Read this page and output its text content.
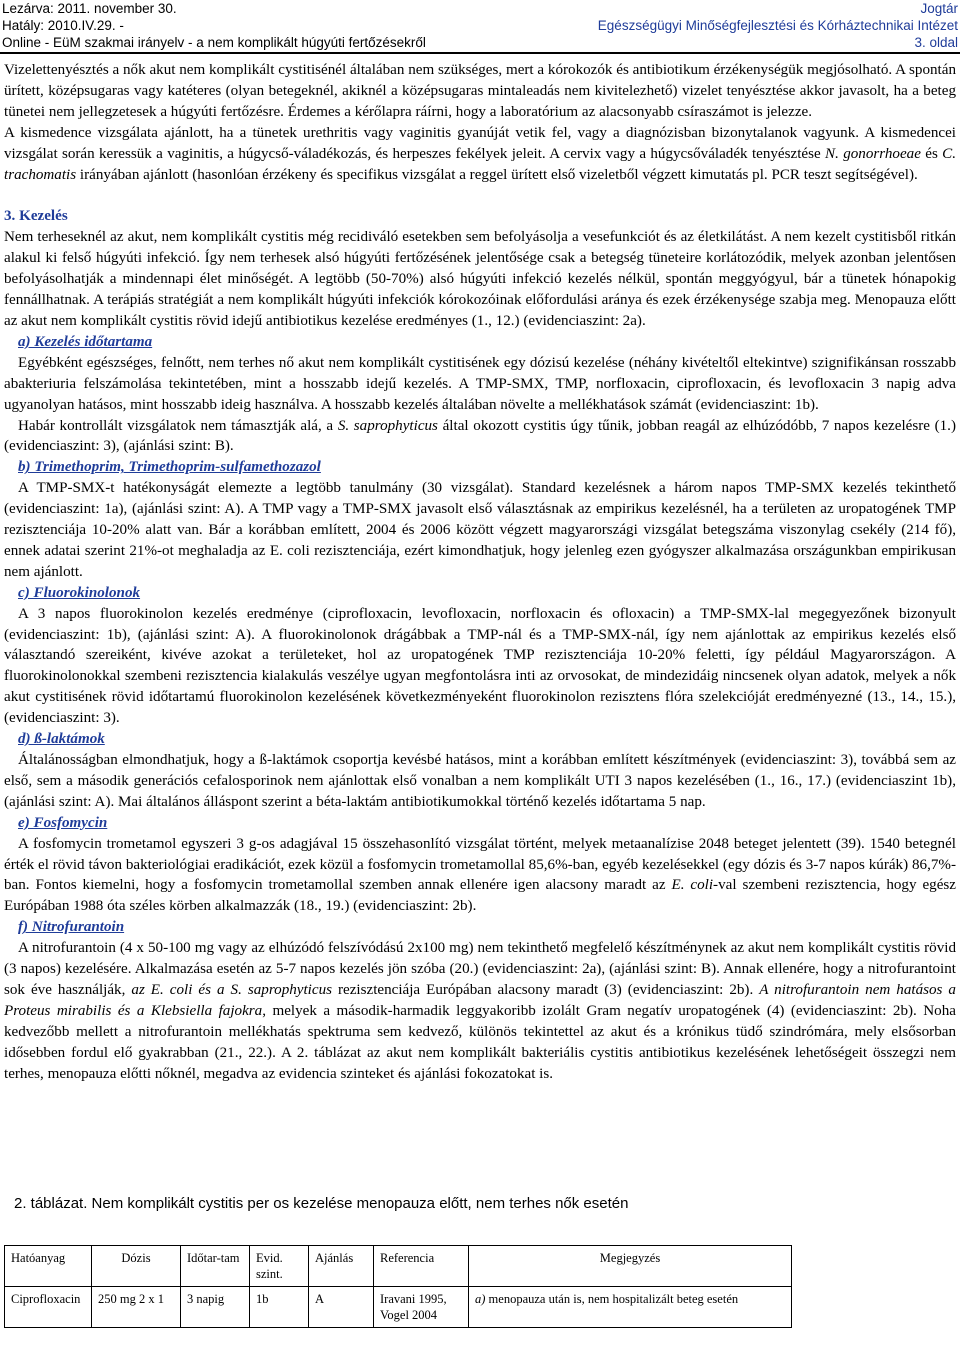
Lezárva: 2011. november 30.
Hatály: 2010.IV.29. -
Online - EüM szakmai irányelv - a nem komplikált húgyúti fertőzésekről
Jogtár
Egészségügyi Minőségfejlesztési és Kórháztechnikai Intézet
3. oldal

Vizelettenyésztés a nők akut nem komplikált cystitisénél általában nem szükséges, mert a kórokozók és antibiotikum érzékenységük megjósolható. A spontán ürített, középsugaras vagy katéteres (olyan betegeknél, akiknél a középsugaras mintaleadás nem kivitelezhető) vizelet tenyésztése akkor javasolt, ha a beteg tünetei nem jellegzetesek a húgyúti fertőzésre. Érdemes a kérőlapra ráírni, hogy a laboratórium az alacsonyabb csíraszámot is jelezze.

A kismedence vizsgálata ajánlott, ha a tünetek urethritis vagy vaginitis gyanúját vetik fel, vagy a diagnózisban bizonytalanok vagyunk. A kismedencei vizsgálat során keressük a vaginitis, a húgycső-váladékozás, és herpeszes fekélyek jeleit. A cervix vagy a húgycsőváladék tenyésztése N. gonorrhoeae és C. trachomatis irányában ajánlott (hasonlóan érzékeny és specifikus vizsgálat a reggel ürített első vizeletből végzett kimutatás pl. PCR teszt segítségével).

3. Kezelés

Nem terheseknél az akut, nem komplikált cystitis még recidiváló esetekben sem befolyásolja a vesefunkciót és az életkilátást. A nem kezelt cystitisből ritkán alakul ki felső húgyúti infekció. Így nem terhesek alsó húgyúti fertőzésének jelentősége csak a betegség tüneteire korlátozódik, melyek azonban jelentősen befolyásolhatják a mindennapi élet minőségét. A legtöbb (50-70%) alsó húgyúti infekció kezelés nélkül, spontán meggyógyul, bár a tünetek hónapokig fennállhatnak. A terápiás stratégiát a nem komplikált húgyúti infekciók kórokozóinak előfordulási aránya és ezek érzékenysége szabja meg. Menopauza előtt az akut nem komplikált cystitis rövid idejű antibiotikus kezelése eredményes (1., 12.) (evidenciaszint: 2a).

a) Kezelés időtartama

Egyébként egészséges, felnőtt, nem terhes nő akut nem komplikált cystitisének egy dózisú kezelése (néhány kivételtől eltekintve) szignifikánsan rosszabb abakteriuria felszámolása tekintetében, mint a hosszabb idejű kezelés. A TMP-SMX, TMP, norfloxacin, ciprofloxacin, és levofloxacin 3 napig adva ugyanolyan hatásos, mint hosszabb ideig használva. A hosszabb kezelés általában növelte a mellékhatások számát (evidenciaszint: 1b).

Habár kontrollált vizsgálatok nem támasztják alá, a S. saprophyticus által okozott cystitis úgy tűnik, jobban reagál az elhúzódóbb, 7 napos kezelésre (1.) (evidenciaszint: 3), (ajánlási szint: B).

b) Trimethoprim, Trimethoprim-sulfamethozazol

A TMP-SMX-t hatékonyságát elemezte a legtöbb tanulmány (30 vizsgálat). Standard kezelésnek a három napos TMP-SMX kezelés tekinthető (evidenciaszint: 1a), (ajánlási szint: A). A TMP vagy a TMP-SMX javasolt első választásnak az empirikus kezelésnél, ha a területen az uropatogének TMP rezisztenciája 10-20% alatt van. Bár a korábban említett, 2004 és 2006 között végzett magyarországi vizsgálat betegszáma viszonylag csekély (214 fő), ennek adatai szerint 21%-ot meghaladja az E. coli rezisztenciája, ezért kimondhatjuk, hogy jelenleg ezen gyógyszer alkalmazása országunkban empirikusan nem ajánlott.

c) Fluorokinolonok

A 3 napos fluorokinolon kezelés eredménye (ciprofloxacin, levofloxacin, norfloxacin és ofloxacin) a TMP-SMX-lal megegyezőnek bizonyult (evidenciaszint: 1b), (ajánlási szint: A). A fluorokinolonok drágábbak a TMP-nál és a TMP-SMX-nál, így nem ajánlottak az empirikus kezelés első választandó szereiként, kivéve azokat a területeket, hol az uropatogének TMP rezisztenciája 10-20% feletti, így például Magyarországon. A fluorokinolonokkal szembeni rezisztencia kialakulás veszélye ugyan megfontolásra inti az orvosokat, de mindezidáig nincsenek olyan adatok, melyek a nők akut cystitisének rövid időtartamú fluorokinolon kezelésének következményeként fluorokinolon rezisztens flóra szelekcióját eredményezné (13., 14., 15.), (evidenciaszint: 3).

d) ß-laktámok

Általánosságban elmondhatjuk, hogy a ß-laktámok csoportja kevésbé hatásos, mint a korábban említett készítmények (evidenciaszint: 3), továbbá sem az első, sem a második generációs cefalosporinok nem ajánlottak első vonalban a nem komplikált UTI 3 napos kezelésében (1., 16., 17.) (evidenciaszint 1b), (ajánlási szint: A). Mai általános álláspont szerint a béta-laktám antibiotikumokkal történő kezelés időtartama 5 nap.

e) Fosfomycin

A fosfomycin trometamol egyszeri 3 g-os adagjával 15 összehasonlító vizsgálat történt, melyek metaanalízise 2048 beteget jelentett (39). 1540 betegnél érték el rövid távon bakteriológiai eradikációt, ezek közül a fosfomycin trometamollal 85,6%-ban, egyéb kezelésekkel (egy dózis és 3-7 napos kúrák) 86,7%-ban. Fontos kiemelni, hogy a fosfomycin trometamollal szemben annak ellenére igen alacsony maradt az E. coli-val szembeni rezisztencia, hogy egész Európában 1988 óta széles körben alkalmazzák (18., 19.) (evidenciaszint: 2b).

f) Nitrofurantoin

A nitrofurantoin (4 x 50-100 mg vagy az elhúzódó felszívódású 2x100 mg) nem tekinthető megfelelő készítménynek az akut nem komplikált cystitis rövid (3 napos) kezelésére. Alkalmazása esetén az 5-7 napos kezelés jön szóba (20.) (evidenciaszint: 2a), (ajánlási szint: B). Annak ellenére, hogy a nitrofurantoint sok éve használják, az E. coli és a S. saprophyticus rezisztenciája Európában alacsony maradt (3) (evidenciaszint: 2b). A nitrofurantoin nem hatásos a Proteus mirabilis és a Klebsiella fajokra, melyek a második-harmadik leggyakoribb izolált Gram negatív uropatogének (4) (evidenciaszint: 2b). Noha kedvezőbb mellett a nitrofurantoin mellékhatás spektruma sem kedvező, különös tekintettel az akut és a krónikus tüdő szindrómára, mely elsősorban idősebben fordul elő gyakrabban (21., 22.). A 2. táblázat az akut nem komplikált bakteriális cystitis antibiotikus kezelésének lehetőségeit összegzi nem terhes, menopauza előtti nőknél, megadva az evidencia szinteket és ajánlási fokozatokat is.

2. táblázat. Nem komplikált cystitis per os kezelése menopauza előtt, nem terhes nők esetén
Hatóanyag	Dózis	Időtar-tam	Evid. szint.	Ajánlás	Referencia	Megjegyzés
Ciprofloxacin	250 mg 2 x 1	3 napig	1b	A	Iravani 1995, Vogel 2004	a) menopauza után is, nem hospitalizált beteg esetén
